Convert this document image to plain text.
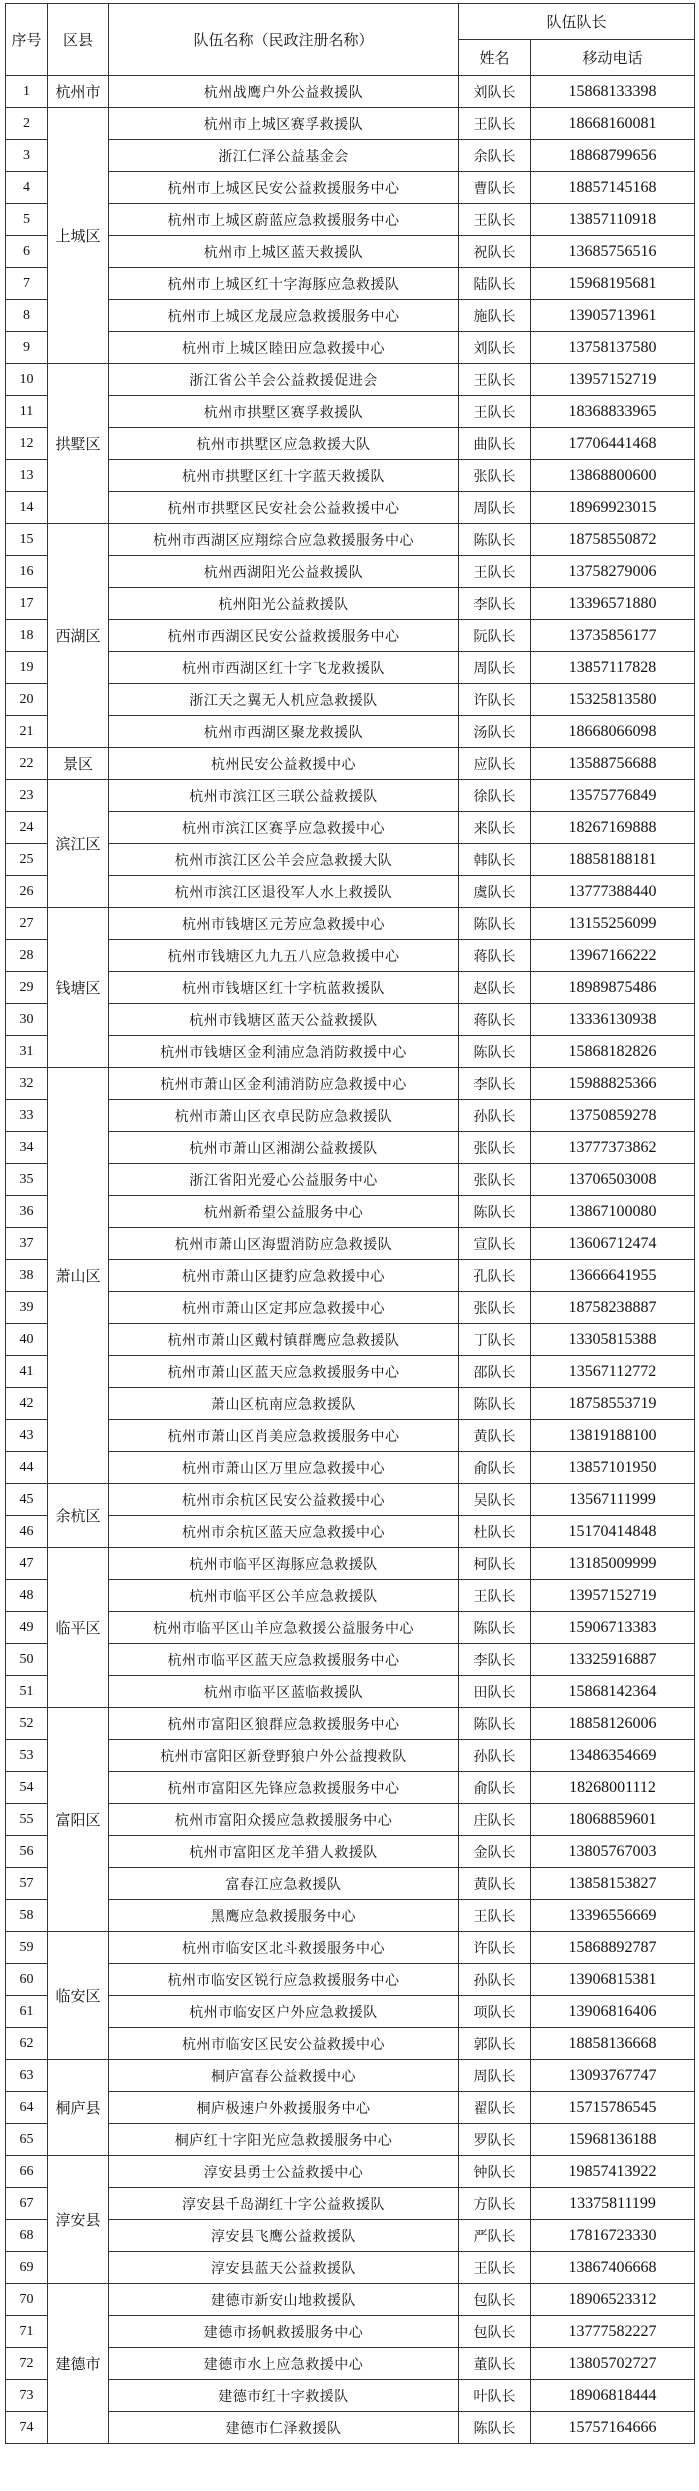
序号	区县	队伍名称（民政注册名称）	队伍队长	
			姓名	移动电话
1	杭州市	杭州战鹰户外公益救援队	刘队长	15868133398
2	上城区	杭州市上城区赛孚救援队	王队长	18668160081
3		浙江仁泽公益基金会	余队长	18868799656
4		杭州市上城区民安公益救援服务中心	曹队长	18857145168
5		杭州市上城区蔚蓝应急救援服务中心	王队长	13857110918
6		杭州市上城区蓝天救援队	祝队长	13685756516
7		杭州市上城区红十字海豚应急救援队	陆队长	15968195681
8		杭州市上城区龙晟应急救援服务中心	施队长	13905713961
9		杭州市上城区睦田应急救援中心	刘队长	13758137580
10	拱墅区	浙江省公羊会公益救援促进会	王队长	13957152719
11		杭州市拱墅区赛孚救援队	王队长	18368833965
12		杭州市拱墅区应急救援大队	曲队长	17706441468
13		杭州市拱墅区红十字蓝天救援队	张队长	13868800600
14		杭州市拱墅区民安社会公益救援中心	周队长	18969923015
15	西湖区	杭州市西湖区应翔综合应急救援服务中心	陈队长	18758550872
16		杭州西湖阳光公益救援队	王队长	13758279006
17		杭州阳光公益救援队	李队长	13396571880
18		杭州市西湖区民安公益救援服务中心	阮队长	13735856177
19		杭州市西湖区红十字飞龙救援队	周队长	13857117828
20		浙江天之翼无人机应急救援队	许队长	15325813580
21		杭州市西湖区聚龙救援队	汤队长	18668066098
22	景区	杭州民安公益救援中心	应队长	13588756688
23	滨江区	杭州市滨江区三联公益救援队	徐队长	13575776849
24		杭州市滨江区赛孚应急救援中心	来队长	18267169888
25		杭州市滨江区公羊会应急救援大队	韩队长	18858188181
26		杭州市滨江区退役军人水上救援队	虞队长	13777388440
27	钱塘区	杭州市钱塘区元芳应急救援中心	陈队长	13155256099
28		杭州市钱塘区九九五八应急救援中心	蒋队长	13967166222
29		杭州市钱塘区红十字杭蓝救援队	赵队长	18989875486
30		杭州市钱塘区蓝天公益救援队	蒋队长	13336130938
31		杭州市钱塘区金利浦应急消防救援中心	陈队长	15868182826
32	萧山区	杭州市萧山区金利浦消防应急救援中心	李队长	15988825366
33		杭州市萧山区衣卓民防应急救援队	孙队长	13750859278
34		杭州市萧山区湘湖公益救援队	张队长	13777373862
35		浙江省阳光爱心公益服务中心	张队长	13706503008
36		杭州新希望公益服务中心	陈队长	13867100080
37		杭州市萧山区海盟消防应急救援队	宣队长	13606712474
38		杭州市萧山区捷豹应急救援中心	孔队长	13666641955
39		杭州市萧山区定邦应急救援中心	张队长	18758238887
40		杭州市萧山区戴村镇群鹰应急救援队	丁队长	13305815388
41		杭州市萧山区蓝天应急救援服务中心	邵队长	13567112772
42		萧山区杭南应急救援队	陈队长	18758553719
43		杭州市萧山区肖美应急救援服务中心	黄队长	13819188100
44		杭州市萧山区万里应急救援中心	俞队长	13857101950
45	余杭区	杭州市余杭区民安公益救援中心	吴队长	13567111999
46		杭州市余杭区蓝天应急救援中心	杜队长	15170414848
47	临平区	杭州市临平区海豚应急救援队	柯队长	13185009999
48		杭州市临平区公羊应急救援队	王队长	13957152719
49		杭州市临平区山羊应急救援公益服务中心	陈队长	15906713383
50		杭州市临平区蓝天应急救援服务中心	李队长	13325916887
51		杭州市临平区蓝临救援队	田队长	15868142364
52	富阳区	杭州市富阳区狼群应急救援服务中心	陈队长	18858126006
53		杭州市富阳区新登野狼户外公益搜救队	孙队长	13486354669
54		杭州市富阳区先锋应急救援服务中心	俞队长	18268001112
55		杭州市富阳众援应急救援服务中心	庄队长	18068859601
56		杭州市富阳区龙羊猎人救援队	金队长	13805767003
57		富春江应急救援队	黄队长	13858153827
58		黑鹰应急救援服务中心	王队长	13396556669
59	临安区	杭州市临安区北斗救援服务中心	许队长	15868892787
60		杭州市临安区锐行应急救援服务中心	孙队长	13906815381
61		杭州市临安区户外应急救援队	项队长	13906816406
62		杭州市临安区民安公益救援中心	郭队长	18858136668
63	桐庐县	桐庐富春公益救援中心	周队长	13093767747
64		桐庐极速户外救援服务中心	翟队长	15715786545
65		桐庐红十字阳光应急救援服务中心	罗队长	15968136188
66	淳安县	淳安县勇士公益救援中心	钟队长	19857413922
67		淳安县千岛湖红十字公益救援队	方队长	13375811199
68		淳安县飞鹰公益救援队	严队长	17816723330
69		淳安县蓝天公益救援队	王队长	13867406668
70	建德市	建德市新安山地救援队	包队长	18906523312
71		建德市扬帆救援服务中心	包队长	13777582227
72		建德市水上应急救援中心	董队长	13805702727
73		建德市红十字救援队	叶队长	18906818444
74		建德市仁泽救援队	陈队长	15757164666
